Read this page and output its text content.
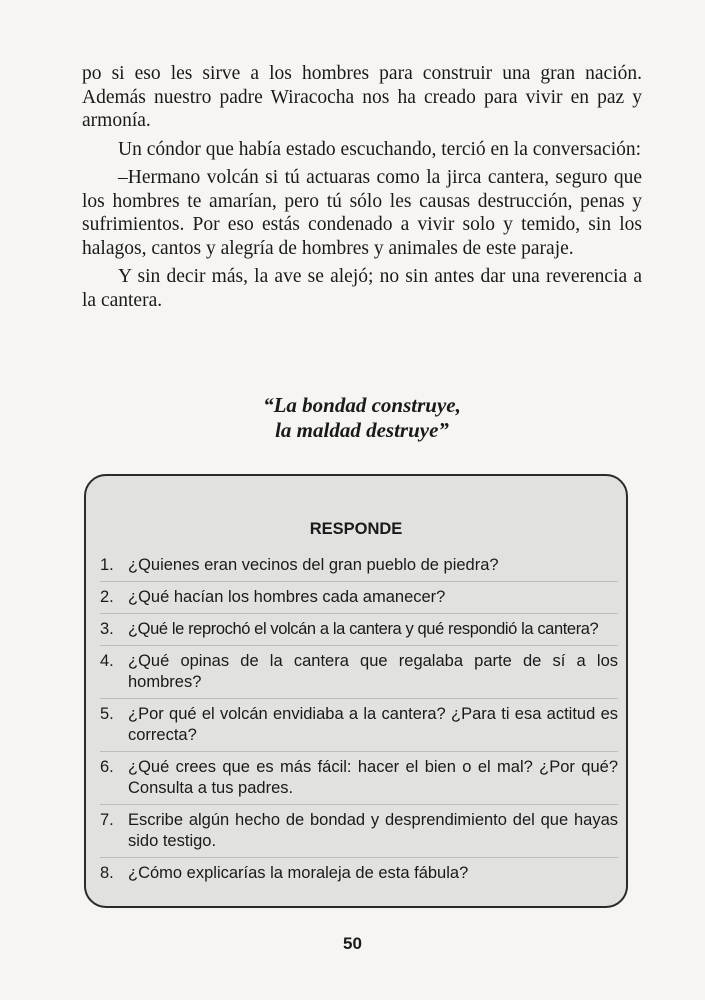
po si eso les sirve a los hombres para construir una gran nación. Además nuestro padre Wiracocha nos ha creado para vivir en paz y armonía.

Un cóndor que había estado escuchando, terció en la conversación:

–Hermano volcán si tú actuaras como la jirca cantera, seguro que los hombres te amarían, pero tú sólo les causas destrucción, penas y sufrimientos. Por eso estás condenado a vivir solo y temido, sin los halagos, cantos y alegría de hombres y animales de este paraje.

Y sin decir más, la ave se alejó; no sin antes dar una reverencia a la cantera.

“La bondad construye,
la maldad destruye”
RESPONDE
1. ¿Quienes eran vecinos del gran pueblo de piedra?
2. ¿Qué hacían los hombres cada amanecer?
3. ¿Qué le reprochó el volcán a la cantera y qué respondió la cantera?
4. ¿Qué opinas de la cantera que regalaba parte de sí a los hombres?
5. ¿Por qué el volcán envidiaba a la cantera? ¿Para ti esa actitud es correcta?
6. ¿Qué crees que es más fácil: hacer el bien o el mal? ¿Por qué? Consulta a tus padres.
7. Escribe algún hecho de bondad y desprendimiento del que hayas sido testigo.
8. ¿Cómo explicarías la moraleja de esta fábula?
50
